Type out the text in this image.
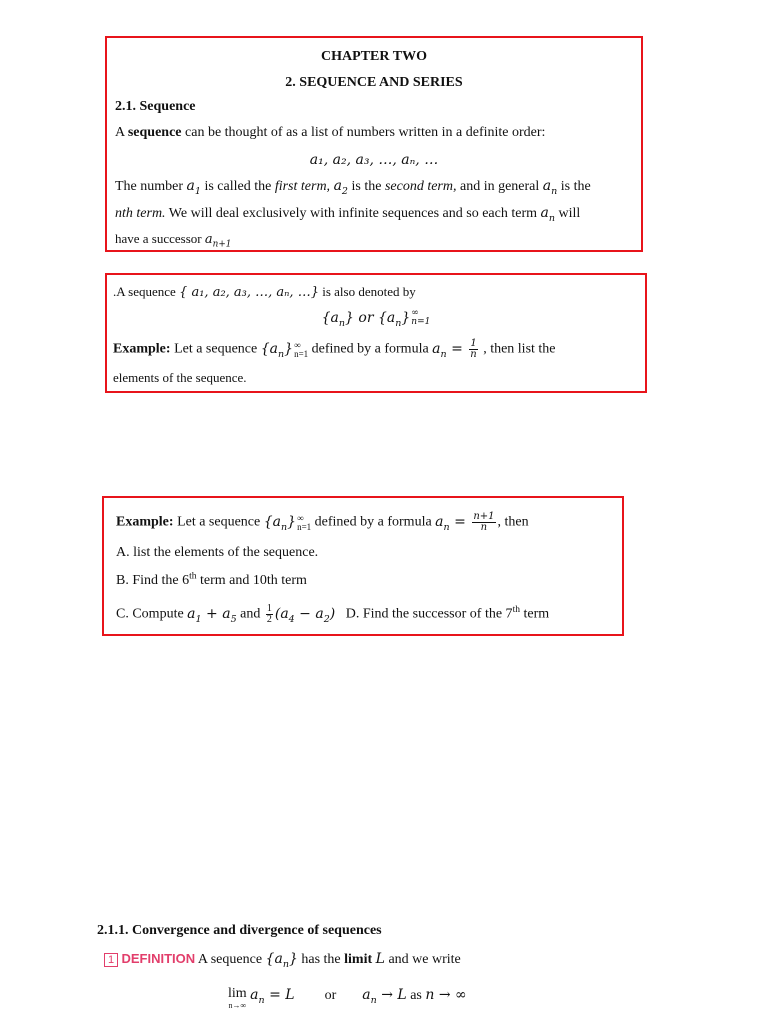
CHAPTER TWO
2. SEQUENCE AND SERIES
2.1. Sequence
A sequence can be thought of as a list of numbers written in a definite order:
a₁, a₂, a₃, …, aₙ, …
The number $a_1$ is called the first term, $a_2$ is the second term, and in general $a_n$ is the
nth term. We will deal exclusively with infinite sequences and so each term $a_n$ will
have a successor $a_{n+1}$
.A sequence { a₁, a₂, a₃, …, aₙ, …} is also denoted by
$\{a_n\}$ or $\{a_n\}$ ∞
n=1
Example: Let a sequence $\{a_n\}$ ∞
n=1 defined by a formula $a_n = \frac{1}{n}$ , then list the
elements of the sequence.
Example: Let a sequence $\{a_n\}$ ∞
n=1 defined by a formula $a_n = \frac{n+1}{n}$ , then
A. list the elements of the sequence.
B. Find the 6th term and 10th term
C. Compute $a_1 + a_5$ and $\frac{1}{2} (a_4 - a_2)$ D. Find the successor of the 7th term
2.1.1. Convergence and divergence of sequences
1 DEFINITION A sequence $\{a_n\}$ has the limit L and we write
lim
n→∞
$a_n = L$ or $a_n \to L$ as n → ∞
